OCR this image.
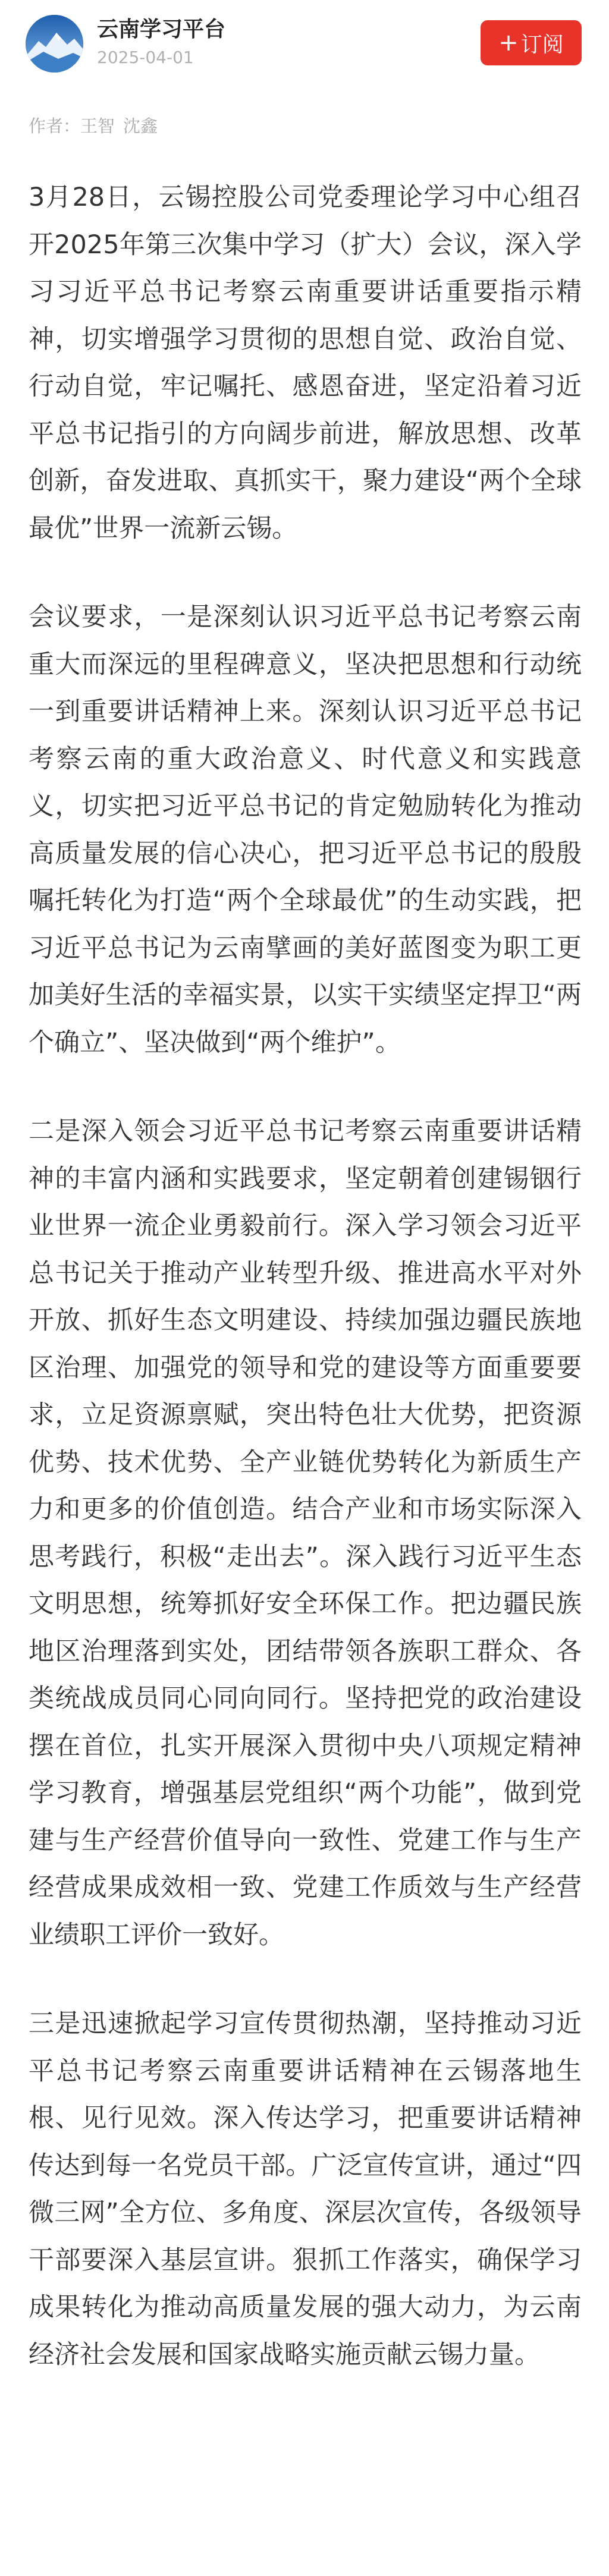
云南学习平台
2025-04-01
+ 订阅
作者：王智 沈鑫

3月28日，云锡控股公司党委理论学习中心组召开2025年第三次集中学习（扩大）会议，深入学习习近平总书记考察云南重要讲话重要指示精神，切实增强学习贯彻的思想自觉、政治自觉、行动自觉，牢记嘱托、感恩奋进，坚定沿着习近平总书记指引的方向阔步前进，解放思想、改革创新，奋发进取、真抓实干，聚力建设“两个全球最优”世界一流新云锡。

会议要求，一是深刻认识习近平总书记考察云南重大而深远的里程碑意义，坚决把思想和行动统一到重要讲话精神上来。深刻认识习近平总书记考察云南的重大政治意义、时代意义和实践意义，切实把习近平总书记的肯定勉励转化为推动高质量发展的信心决心，把习近平总书记的殷殷嘱托转化为打造“两个全球最优”的生动实践，把习近平总书记为云南擘画的美好蓝图变为职工更加美好生活的幸福实景，以实干实绩坚定捍卫“两个确立”、坚决做到“两个维护”。

二是深入领会习近平总书记考察云南重要讲话精神的丰富内涵和实践要求，坚定朝着创建锡铟行业世界一流企业勇毅前行。深入学习领会习近平总书记关于推动产业转型升级、推进高水平对外开放、抓好生态文明建设、持续加强边疆民族地区治理、加强党的领导和党的建设等方面重要要求，立足资源禀赋，突出特色壮大优势，把资源优势、技术优势、全产业链优势转化为新质生产力和更多的价值创造。结合产业和市场实际深入思考践行，积极“走出去”。深入践行习近平生态文明思想，统筹抓好安全环保工作。把边疆民族地区治理落到实处，团结带领各族职工群众、各类统战成员同心同向同行。坚持把党的政治建设摆在首位，扎实开展深入贯彻中央八项规定精神学习教育，增强基层党组织“两个功能”，做到党建与生产经营价值导向一致性、党建工作与生产经营成果成效相一致、党建工作质效与生产经营业绩职工评价一致好。

三是迅速掀起学习宣传贯彻热潮，坚持推动习近平总书记考察云南重要讲话精神在云锡落地生根、见行见效。深入传达学习，把重要讲话精神传达到每一名党员干部。广泛宣传宣讲，通过“四微三网”全方位、多角度、深层次宣传，各级领导干部要深入基层宣讲。狠抓工作落实，确保学习成果转化为推动高质量发展的强大动力，为云南经济社会发展和国家战略实施贡献云锡力量。
